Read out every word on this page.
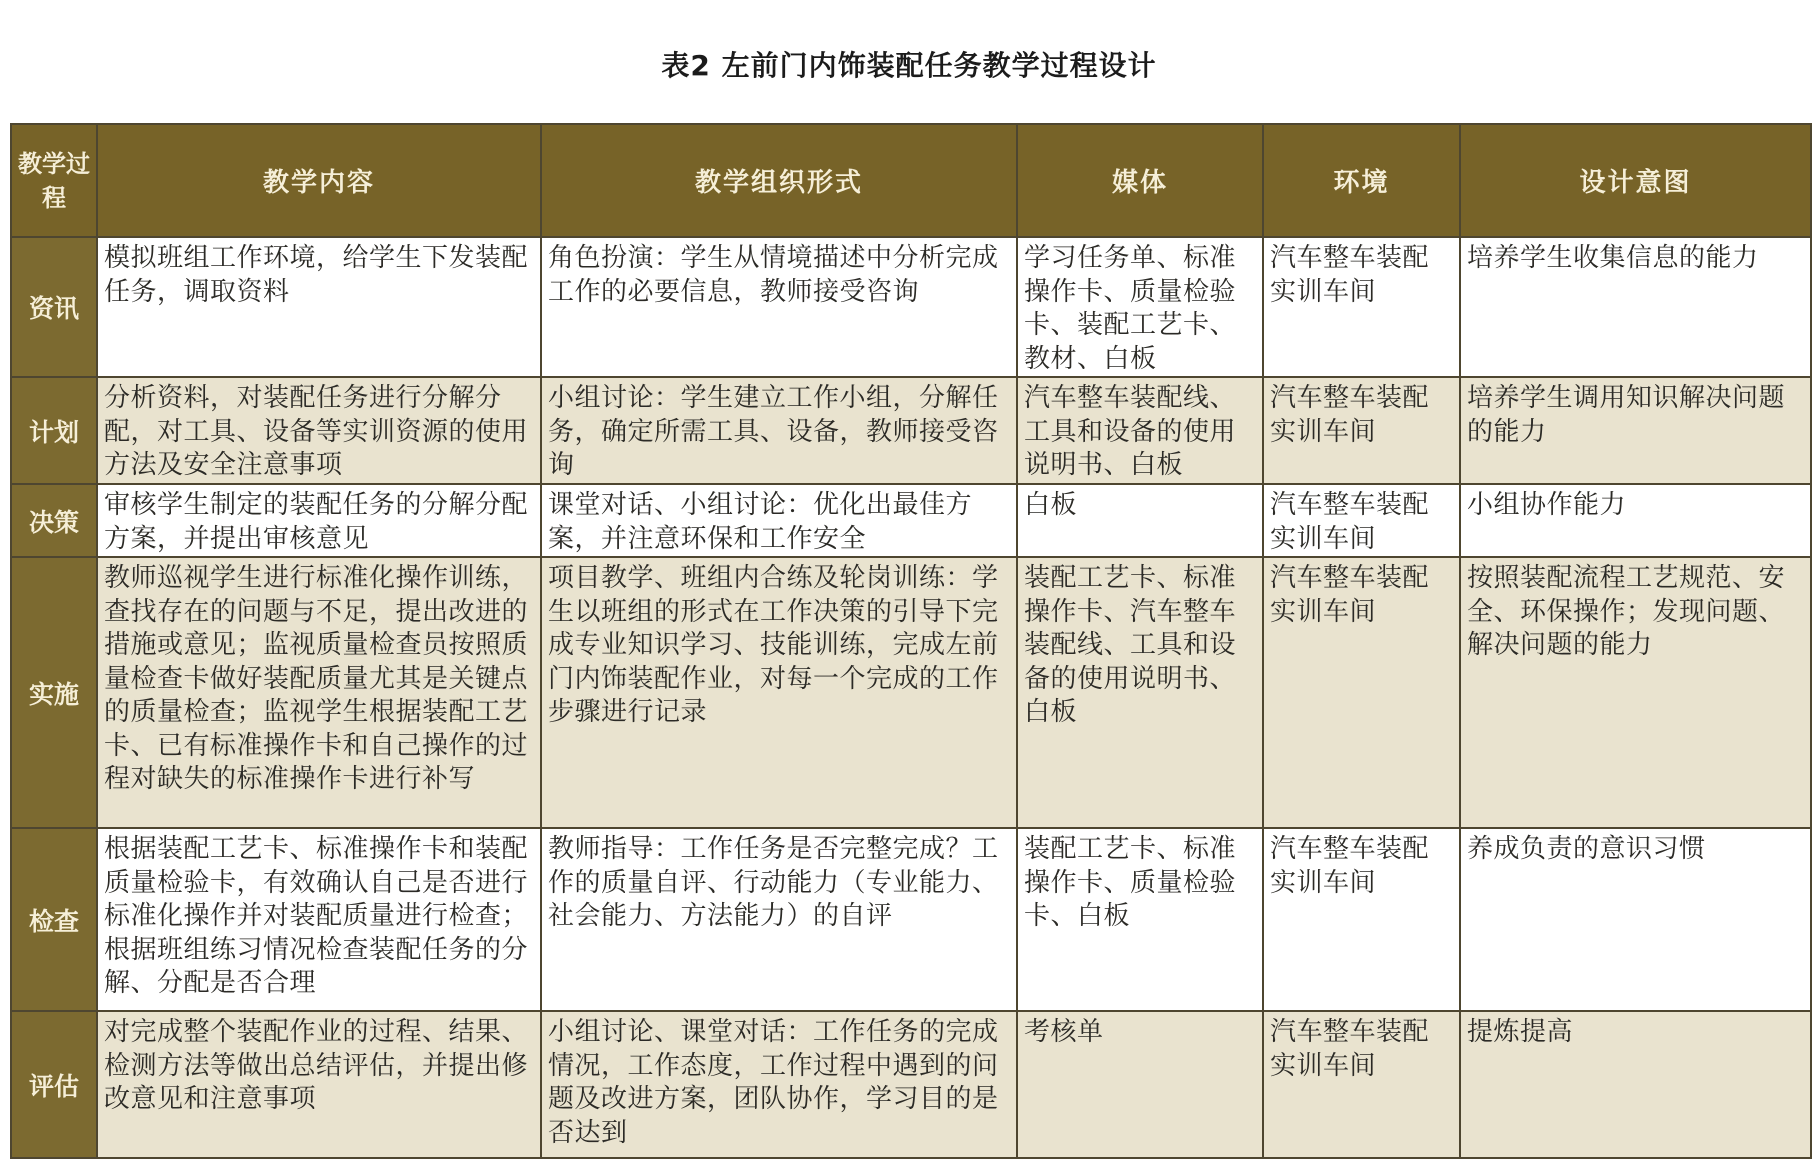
表2 左前门内饰装配任务教学过程设计
教学过程	教学内容	教学组织形式	媒体	环境	设计意图
资讯	模拟班组工作环境，给学生下发装配任务，调取资料	角色扮演：学生从情境描述中分析完成工作的必要信息，教师接受咨询	学习任务单、标准操作卡、质量检验卡、装配工艺卡、教材、白板	汽车整车装配实训车间	培养学生收集信息的能力
计划	分析资料，对装配任务进行分解分配，对工具、设备等实训资源的使用方法及安全注意事项	小组讨论：学生建立工作小组，分解任务，确定所需工具、设备，教师接受咨询	汽车整车装配线、工具和设备的使用说明书、白板	汽车整车装配实训车间	培养学生调用知识解决问题的能力
决策	审核学生制定的装配任务的分解分配方案，并提出审核意见	课堂对话、小组讨论：优化出最佳方案，并注意环保和工作安全	白板	汽车整车装配实训车间	小组协作能力
实施	教师巡视学生进行标准化操作训练，查找存在的问题与不足，提出改进的措施或意见；监视质量检查员按照质量检查卡做好装配质量尤其是关键点的质量检查；监视学生根据装配工艺卡、已有标准操作卡和自己操作的过程对缺失的标准操作卡进行补写	项目教学、班组内合练及轮岗训练：学生以班组的形式在工作决策的引导下完成专业知识学习、技能训练，完成左前门内饰装配作业，对每一个完成的工作步骤进行记录	装配工艺卡、标准操作卡、汽车整车装配线、工具和设备的使用说明书、白板	汽车整车装配实训车间	按照装配流程工艺规范、安全、环保操作；发现问题、解决问题的能力
检查	根据装配工艺卡、标准操作卡和装配质量检验卡，有效确认自己是否进行标准化操作并对装配质量进行检查；根据班组练习情况检查装配任务的分解、分配是否合理	教师指导：工作任务是否完整完成？工作的质量自评、行动能力（专业能力、社会能力、方法能力）的自评	装配工艺卡、标准操作卡、质量检验卡、白板	汽车整车装配实训车间	养成负责的意识习惯
评估	对完成整个装配作业的过程、结果、检测方法等做出总结评估，并提出修改意见和注意事项	小组讨论、课堂对话：工作任务的完成情况，工作态度，工作过程中遇到的问题及改进方案，团队协作，学习目的是否达到	考核单	汽车整车装配实训车间	提炼提高
